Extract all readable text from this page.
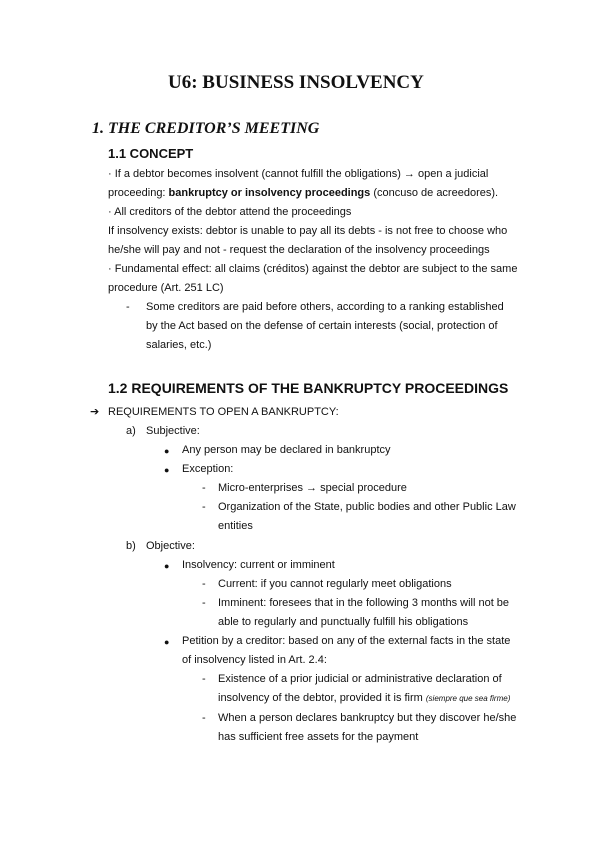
U6: BUSINESS INSOLVENCY
1. THE CREDITOR’S MEETING
1.1 CONCEPT
· If a debtor becomes insolvent (cannot fulfill the obligations) → open a judicial
proceeding: bankruptcy or insolvency proceedings (concuso de acreedores).
· All creditors of the debtor attend the proceedings
If insolvency exists: debtor is unable to pay all its debts - is not free to choose who
he/she will pay and not - request the declaration of the insolvency proceedings
· Fundamental effect: all claims (créditos) against the debtor are subject to the same
procedure (Art. 251 LC)
- Some creditors are paid before others, according to a ranking established
by the Act based on the defense of certain interests (social, protection of
salaries, etc.)
1.2 REQUIREMENTS OF THE BANKRUPTCY PROCEEDINGS
➔ REQUIREMENTS TO OPEN A BANKRUPTCY:
a) Subjective:
● Any person may be declared in bankruptcy
● Exception:
- Micro-enterprises → special procedure
- Organization of the State, public bodies and other Public Law
entities
b) Objective:
● Insolvency: current or imminent
- Current: if you cannot regularly meet obligations
- Imminent: foresees that in the following 3 months will not be
able to regularly and punctually fulfill his obligations
● Petition by a creditor: based on any of the external facts in the state
of insolvency listed in Art. 2.4:
- Existence of a prior judicial or administrative declaration of
insolvency of the debtor, provided it is firm (siempre que sea firme)
- When a person declares bankruptcy but they discover he/she
has sufficient free assets for the payment
